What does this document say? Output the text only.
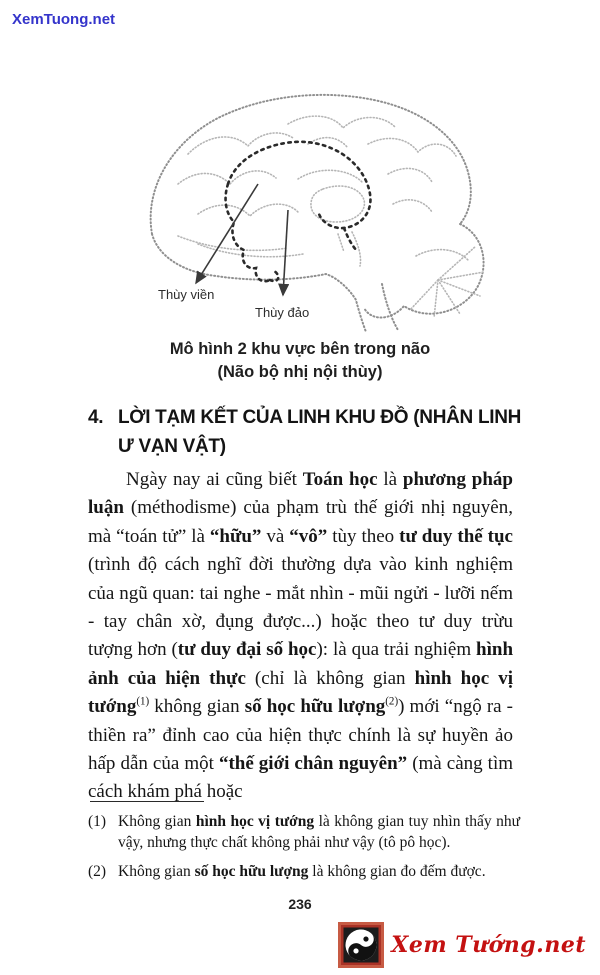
XemTuong.net
Thùy viền
Thùy đảo
Mô hình 2 khu vực bên trong não
(Não bộ nhị nội thùy)
4. LỜI TẠM KẾT CỦA LINH KHU ĐỒ (NHÂN LINH Ư VẠN VẬT)

Ngày nay ai cũng biết Toán học là phương pháp luận (méthodisme) của phạm trù thế giới nhị nguyên, mà “toán tử” là “hữu” và “vô” tùy theo tư duy thế tục (trình độ cách nghĩ đời thường dựa vào kinh nghiệm của ngũ quan: tai nghe - mắt nhìn - mũi ngửi - lưỡi nếm - tay chân xờ, đụng được...) hoặc theo tư duy trừu tượng hơn (tư duy đại số học): là qua trải nghiệm hình ảnh của hiện thực (chỉ là không gian hình học vị tướng$^{(1)}$ không gian số học hữu lượng$^{(2)}$) mới “ngộ ra - thiền ra” đỉnh cao của hiện thực chính là sự huyền ảo hấp dẫn của một “thế giới chân nguyên” (mà càng tìm cách khám phá hoặc

(1) Không gian hình học vị tướng là không gian tuy nhìn thấy như vậy, nhưng thực chất không phải như vậy (tô pô học).
(2) Không gian số học hữu lượng là không gian đo đếm được.
236
Xem Tướng.net
